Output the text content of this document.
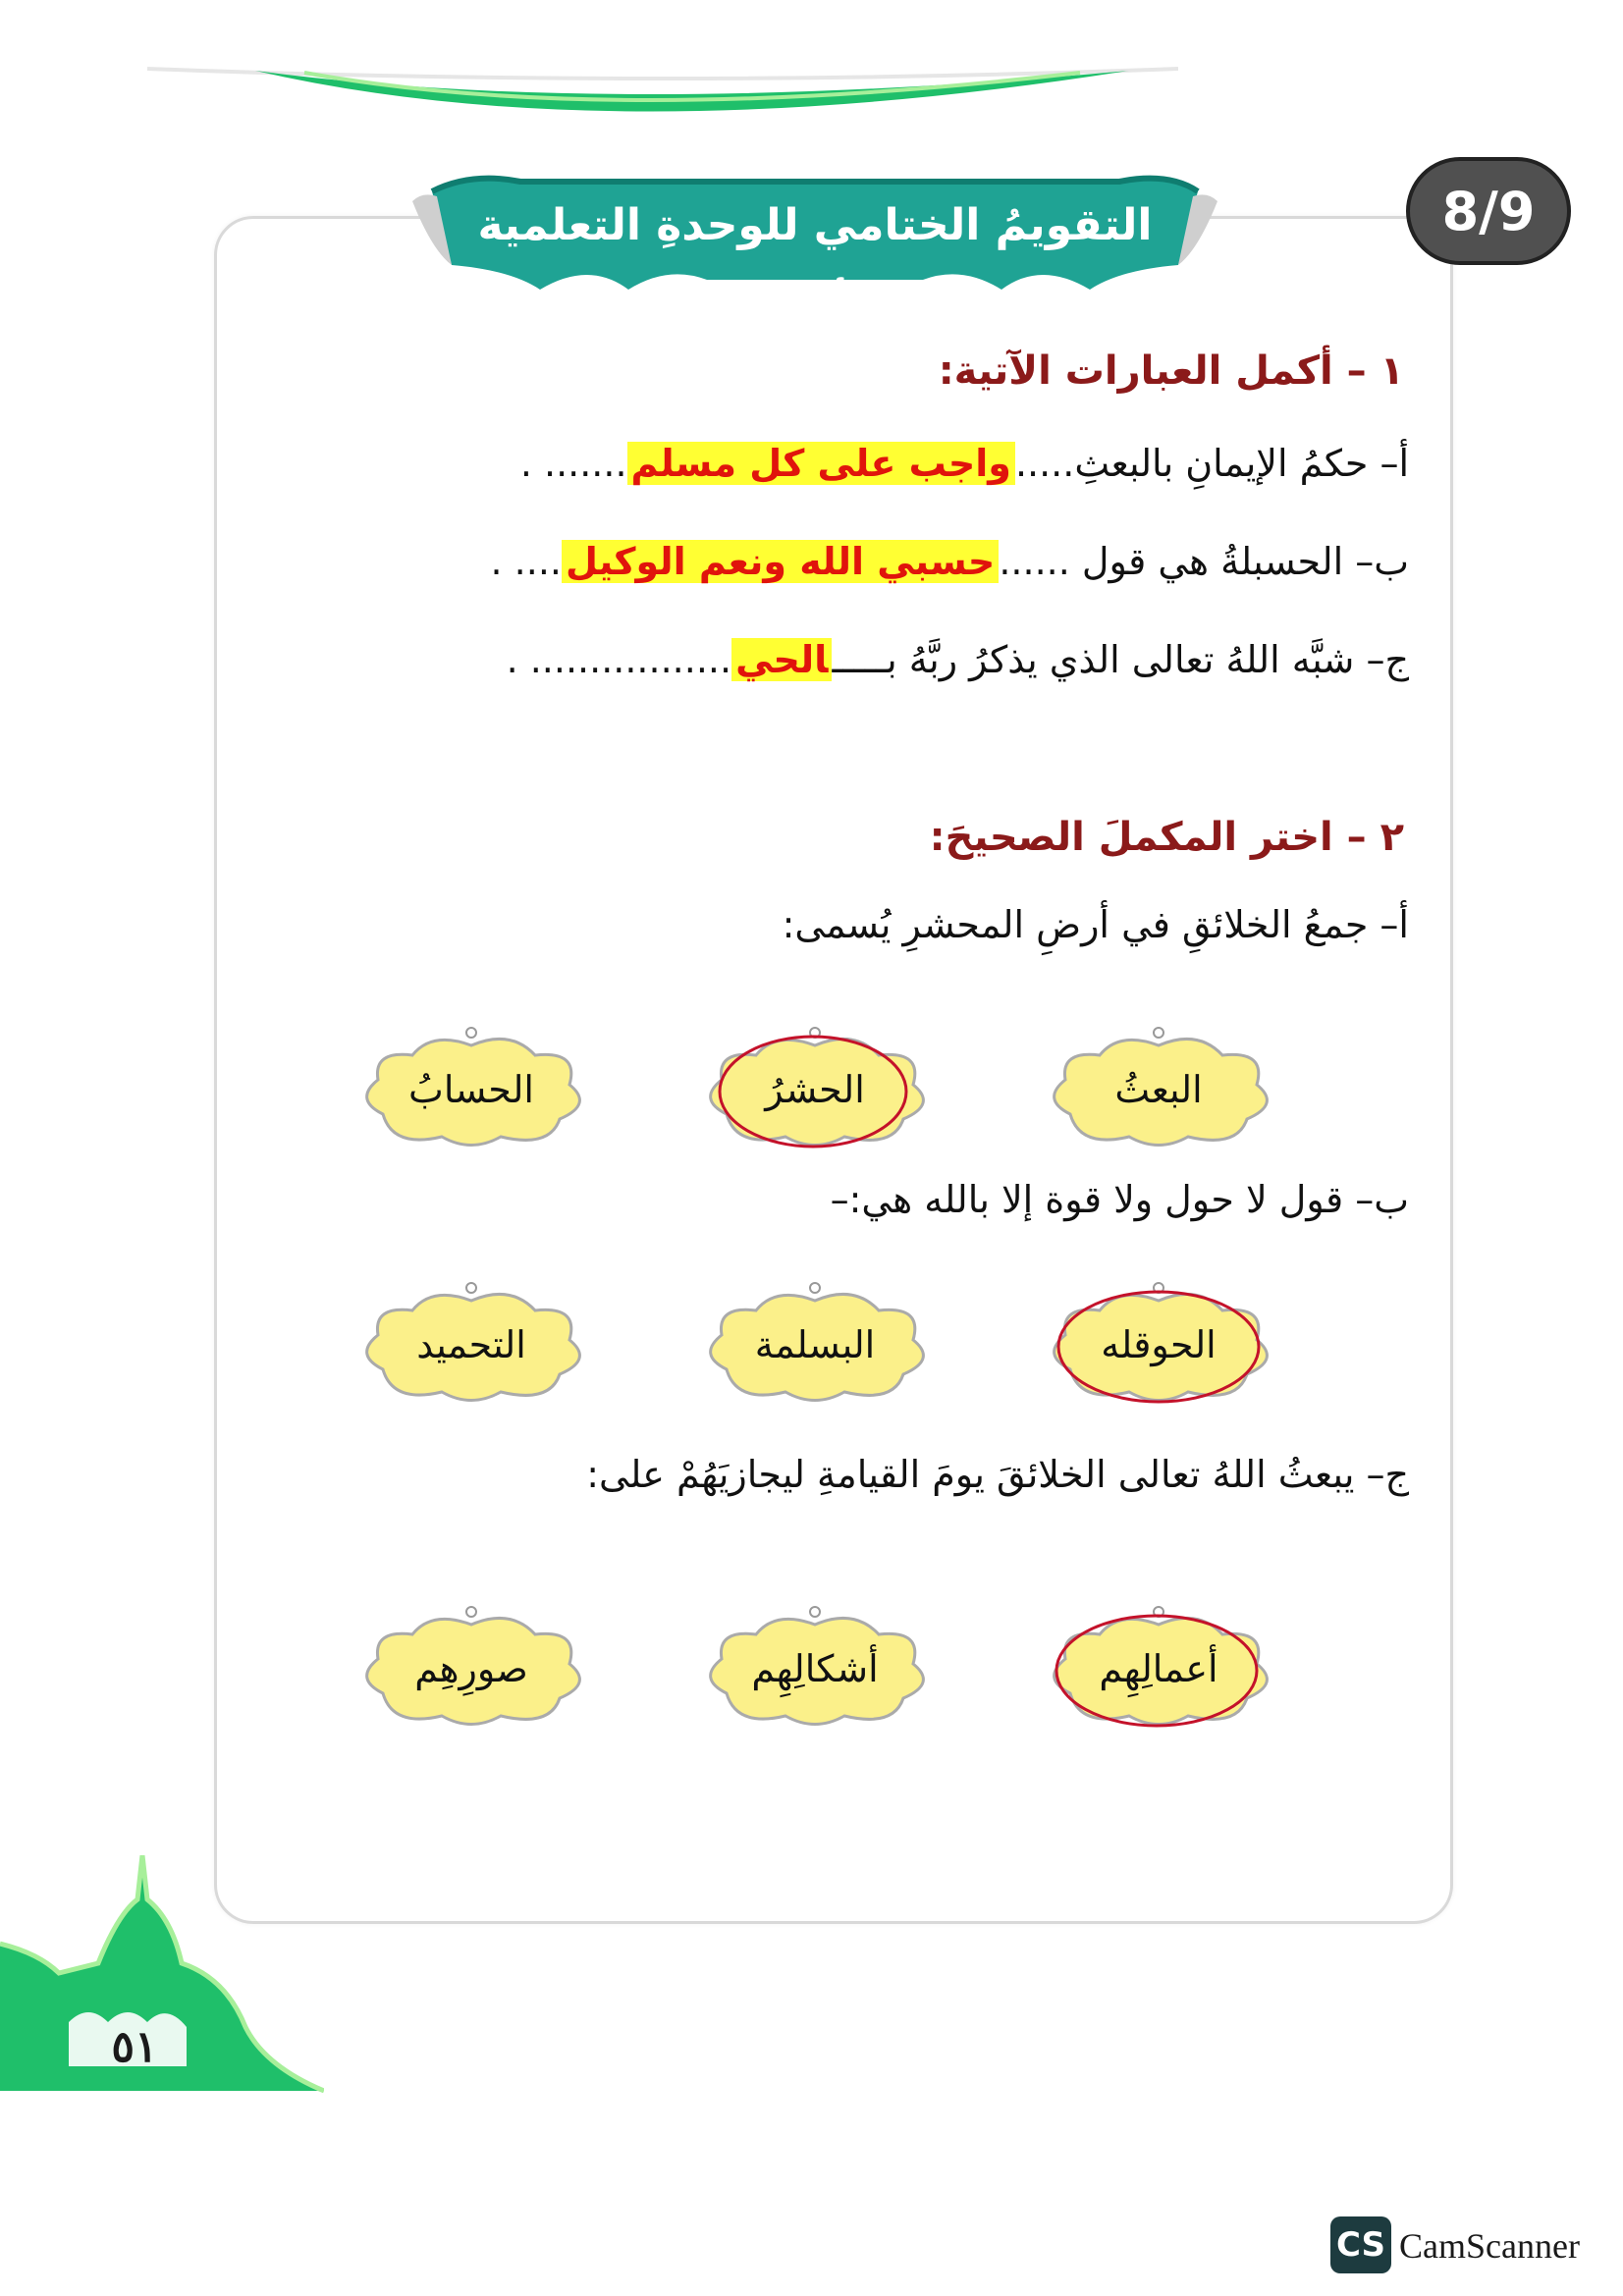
التقويمُ الختامي للوحدةِ التعلمية الأولى
8/9
١ – أكمل العبارات الآتية:
أ– حكمُ الإيمانِ بالبعثِ.....واجب على كل مسلم....... .
ب– الحسبلةُ هي قول ......حسبي الله ونعم الوكيل.... .
ج– شبَّه اللهُ تعالى الذي يذكرُ ربَّهُ بـــــالحي................. .
٢ – اختر المكملَ الصحيحَ:
أ– جمعُ الخلائقِ في أرضِ المحشرِ يُسمى:
البعثُ
الحشرُ
الحسابُ
ب– قول لا حول ولا قوة إلا بالله هي:–
الحوقله
البسلمة
التحميد
ج– يبعثُ اللهُ تعالى الخلائقَ يومَ القيامةِ ليجازيَهُمْ على:
أعمالِهِم
أشكالِهِم
صورِهِم
٥١
CS CamScanner
